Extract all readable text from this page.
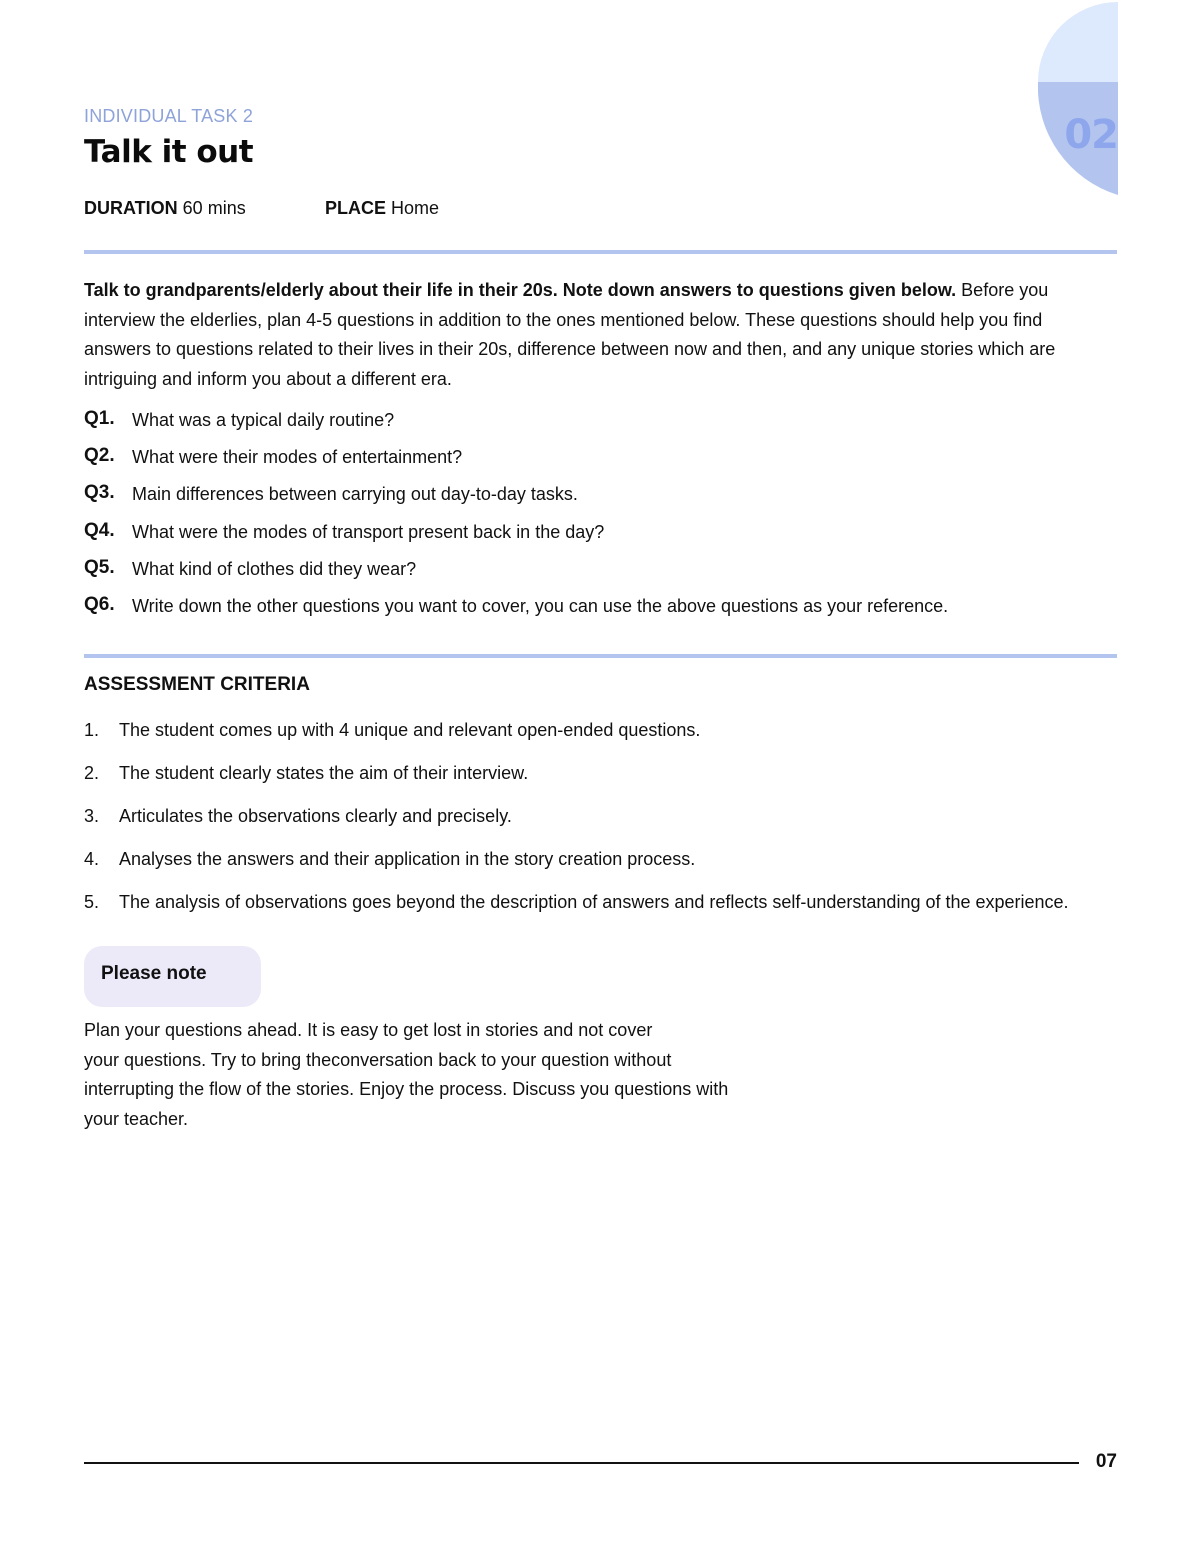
02
INDIVIDUAL TASK 2
Talk it out
DURATION 60 mins	PLACE Home
Talk to grandparents/elderly about their life in their 20s. Note down answers to questions given below. Before you interview the elderlies, plan 4-5 questions in addition to the ones mentioned below. These questions should help you find answers to questions related to their lives in their 20s, difference between now and then, and any unique stories which are intriguing and inform you about a different era.
Q1. What was a typical daily routine?
Q2. What were their modes of entertainment?
Q3. Main differences between carrying out day-to-day tasks.
Q4. What were the modes of transport present back in the day?
Q5. What kind of clothes did they wear?
Q6. Write down the other questions you want to cover, you can use the above questions as your reference.
ASSESSMENT CRITERIA
1. The student comes up with 4 unique and relevant open-ended questions.
2. The student clearly states the aim of their interview.
3. Articulates the observations clearly and precisely.
4. Analyses the answers and their application in the story creation process.
5. The analysis of observations goes beyond the description of answers and reflects self-understanding of the experience.
Please note
Plan your questions ahead. It is easy to get lost in stories and not cover
your questions. Try to bring theconversation back to your question without
interrupting the flow of the stories. Enjoy the process. Discuss you questions with
your teacher.
07
